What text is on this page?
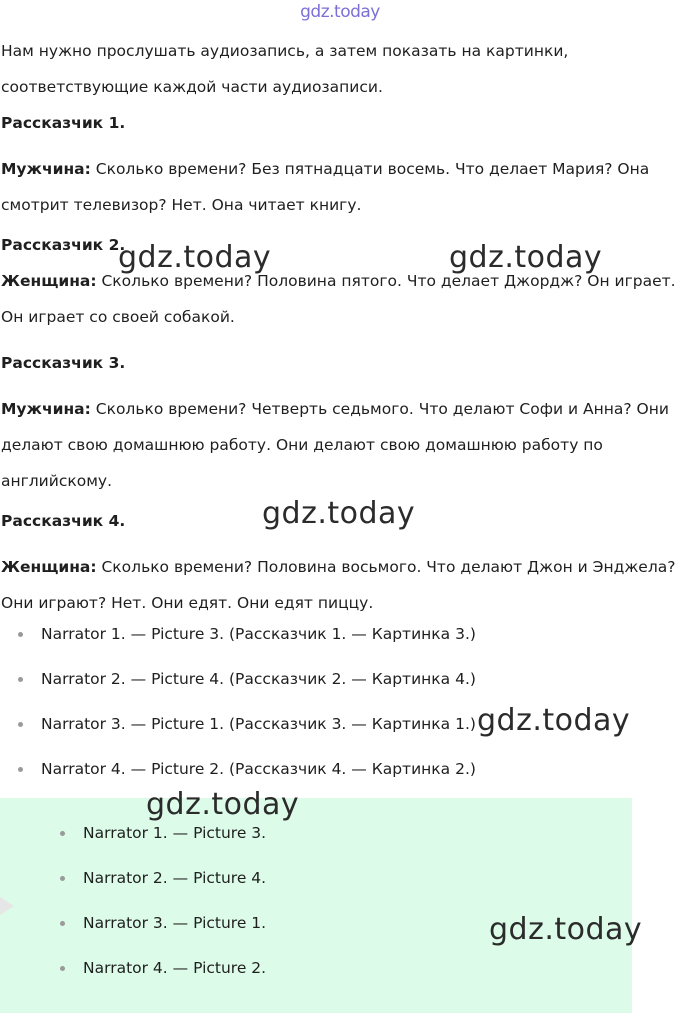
gdz.today

Нам нужно прослушать аудиозапись, а затем показать на картинки,

соответствующие каждой части аудиозаписи.

Рассказчик 1.

Мужчина: Сколько времени? Без пятнадцати восемь. Что делает Мария? Она

смотрит телевизор? Нет. Она читает книгу.

Рассказчик 2.

Женщина: Сколько времени? Половина пятого. Что делает Джордж? Он играет.

Он играет со своей собакой.

Рассказчик 3.

Мужчина: Сколько времени? Четверть седьмого. Что делают Софи и Анна? Они

делают свою домашнюю работу. Они делают свою домашнюю работу по

английскому.

Рассказчик 4.

Женщина: Сколько времени? Половина восьмого. Что делают Джон и Энджела?

Они играют? Нет. Они едят. Они едят пиццу.

Narrator 1. — Picture 3. (Рассказчик 1. — Картинка 3.)
Narrator 2. — Picture 4. (Рассказчик 2. — Картинка 4.)
Narrator 3. — Picture 1. (Рассказчик 3. — Картинка 1.)
Narrator 4. — Picture 2. (Рассказчик 4. — Картинка 2.)
Narrator 1. — Picture 3.
Narrator 2. — Picture 4.
Narrator 3. — Picture 1.
Narrator 4. — Picture 2.
gdz.today	gdz.today
gdz.today
gdz.today
gdz.today
gdz.today
